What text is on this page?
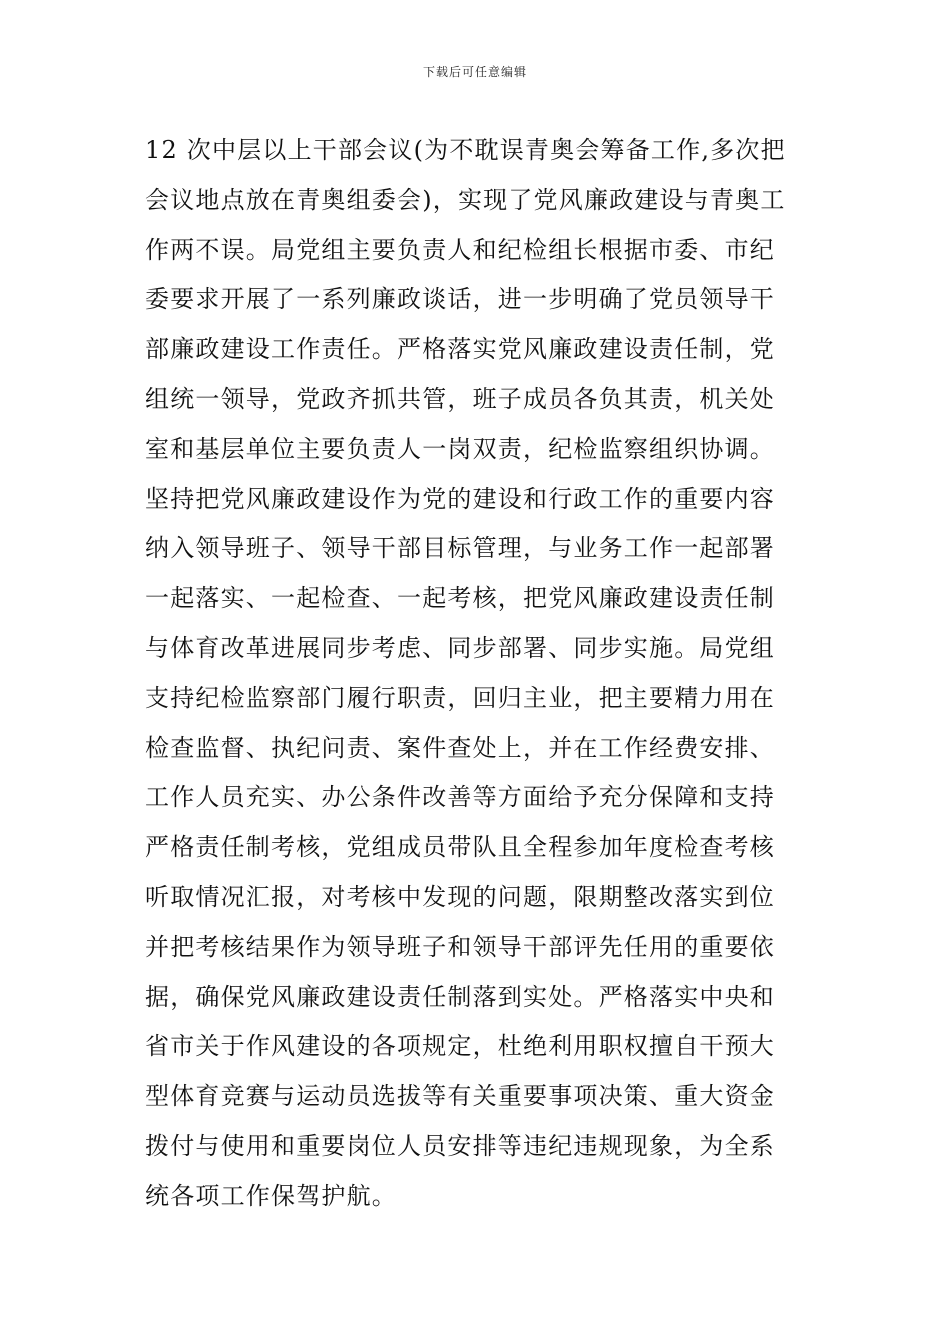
下载后可任意编辑
12 次中层以上干部会议(为不耽误青奥会筹备工作,多次把
会议地点放在青奥组委会)，实现了党风廉政建设与青奥工
作两不误。局党组主要负责人和纪检组长根据市委、市纪
委要求开展了一系列廉政谈话，进一步明确了党员领导干
部廉政建设工作责任。严格落实党风廉政建设责任制，党
组统一领导，党政齐抓共管，班子成员各负其责，机关处
室和基层单位主要负责人一岗双责，纪检监察组织协调。
坚持把党风廉政建设作为党的建设和行政工作的重要内容
纳入领导班子、领导干部目标管理，与业务工作一起部署
一起落实、一起检查、一起考核，把党风廉政建设责任制
与体育改革进展同步考虑、同步部署、同步实施。局党组
支持纪检监察部门履行职责，回归主业，把主要精力用在
检查监督、执纪问责、案件查处上，并在工作经费安排、
工作人员充实、办公条件改善等方面给予充分保障和支持
严格责任制考核，党组成员带队且全程参加年度检查考核
听取情况汇报，对考核中发现的问题，限期整改落实到位
并把考核结果作为领导班子和领导干部评先任用的重要依
据，确保党风廉政建设责任制落到实处。严格落实中央和
省市关于作风建设的各项规定，杜绝利用职权擅自干预大
型体育竞赛与运动员选拔等有关重要事项决策、重大资金
拨付与使用和重要岗位人员安排等违纪违规现象，为全系
统各项工作保驾护航。
